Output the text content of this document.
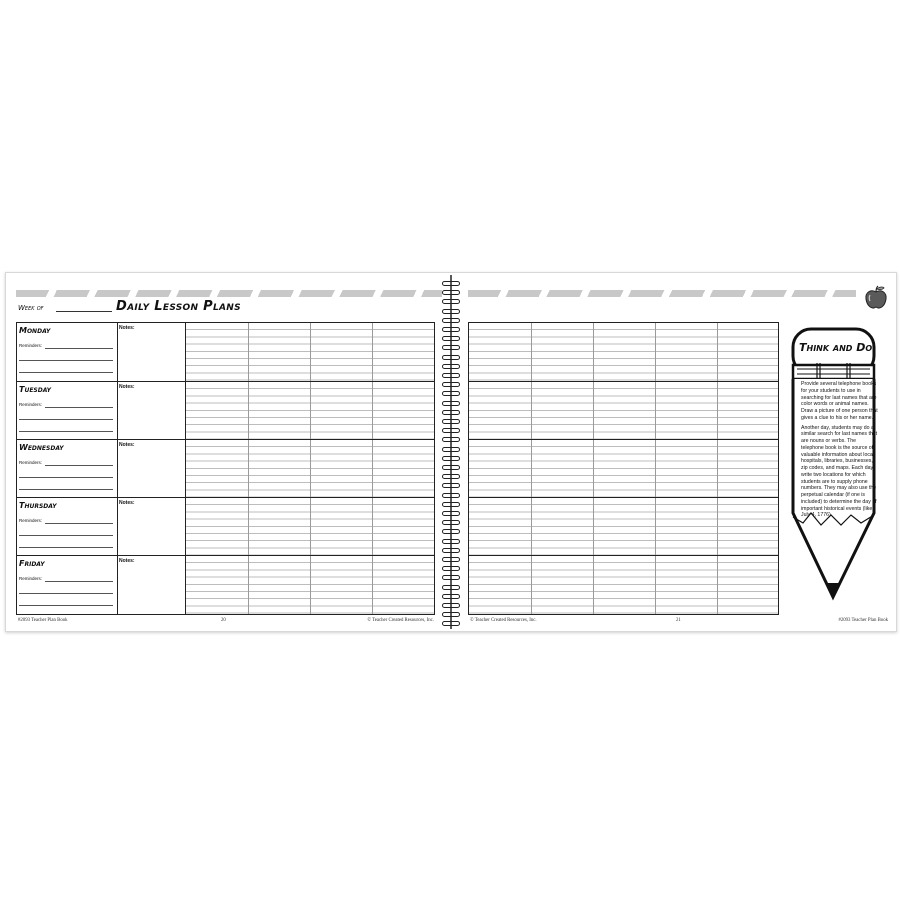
Week of	Daily Lesson Plans
Monday
Reminders:
Notes:
Tuesday
Reminders:
Notes:
Wednesday
Reminders:
Notes:
Thursday
Reminders:
Notes:
Friday
Reminders:
Notes:
#2093 Teacher Plan Book	20	© Teacher Created Resources, Inc.
Think and Do

Provide several telephone books for your students to use in searching for last names that are color words or animal names. Draw a picture of one person that gives a clue to his or her name.

Another day, students may do a similar search for last names that are nouns or verbs. The telephone book is the source of valuable information about local hospitals, libraries, businesses, zip codes, and maps. Each day write two locations for which students are to supply phone numbers. They may also use the perpetual calendar (if one is included) to determine the day of important historical events (like July 4, 1776).

© Teacher Created Resources, Inc.	21	#2093 Teacher Plan Book
